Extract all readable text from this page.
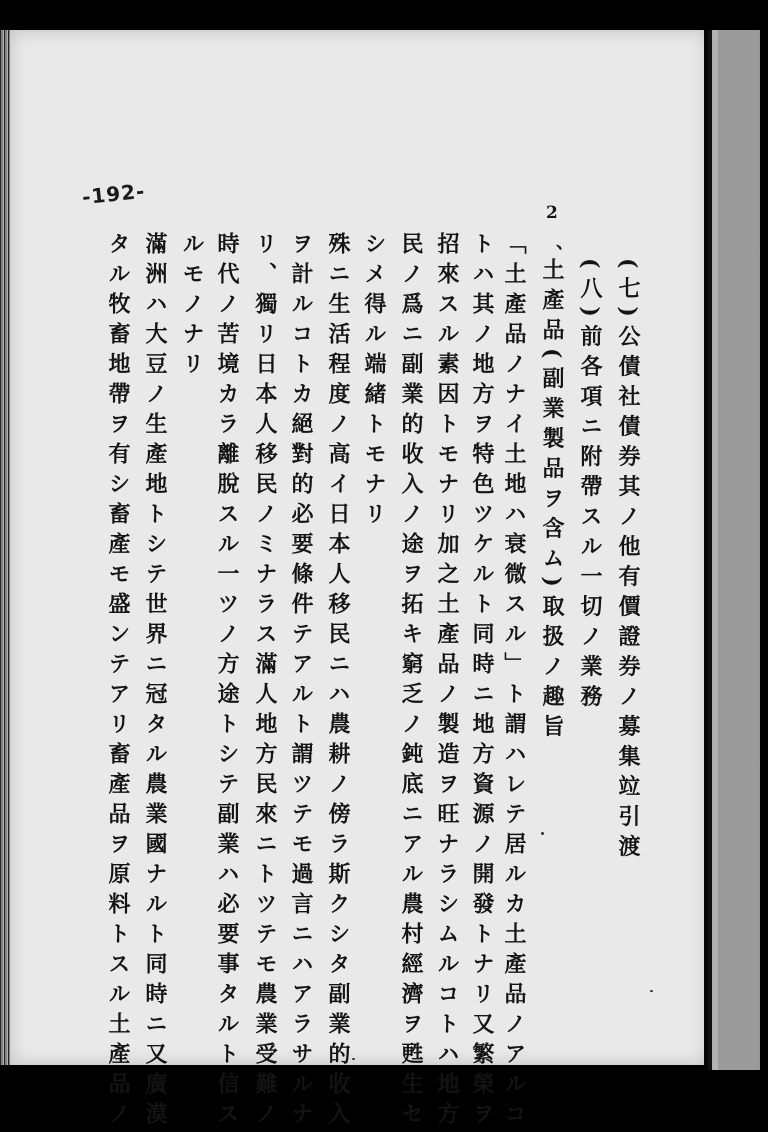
-192-
2
、
(七)公債社債券其ノ他有價證券ノ募集竝引渡
(八)前各項ニ附帶スル一切ノ業務
土產品(副業製品ヲ含ム)取扱ノ趣旨
「土產品ノナイ土地ハ衰微スル」ト謂ハレテ居ルカ土產品ノアルコ
トハ其ノ地方ヲ特色ツケルト同時ニ地方資源ノ開發トナリ又繁榮ヲ
招來スル素因トモナリ加之土產品ノ製造ヲ旺ナラシムルコトハ地方
民ノ爲ニ副業的收入ノ途ヲ拓キ窮乏ノ鈍底ニアル農村經濟ヲ甦生セ
シメ得ル端緒トモナリ
殊ニ生活程度ノ高イ日本人移民ニハ農耕ノ傍ラ斯クシタ副業的收入
ヲ計ルコトカ絕對的必要條件テアルト謂ツテモ過言ニハアラサルナ
リ、獨リ日本人移民ノミナラス滿人地方民來ニトツテモ農業受難ノ
時代ノ苦境カラ離脫スル一ツノ方途トシテ副業ハ必要事タルト信ス
ルモノナリ
滿洲ハ大豆ノ生產地トシテ世界ニ冠タル農業國ナルト同時ニ又廣漠
タル牧畜地帶ヲ有シ畜產モ盛ンテアリ畜產品ヲ原料トスル土產品ノ
